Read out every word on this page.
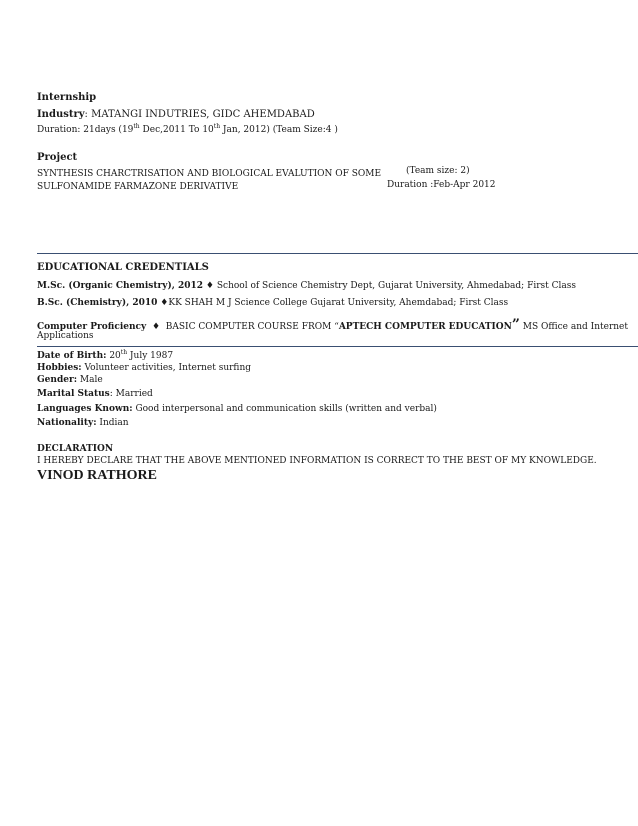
Internship
Industry: MATANGI INDUTRIES, GIDC AHEMDABAD
Duration: 21days (19th Dec,2011 To 10th Jan, 2012) (Team Size:4 )
Project
SYNTHESIS CHARCTRISATION AND BIOLOGICAL EVALUTION OF SOME
SULFONAMIDE FARMAZONE DERIVATIVE
(Team size: 2)
Duration :Feb-Apr 2012
EDUCATIONAL CREDENTIALS
M.Sc. (Organic Chemistry), 2012 ♦ School of Science Chemistry Dept, Gujarat University, Ahmedabad; First Class
B.Sc. (Chemistry), 2010 ♦KK SHAH M J Science College Gujarat University, Ahemdabad; First Class
Computer Proficiency ♦ BASIC COMPUTER COURSE FROM “APTECH COMPUTER EDUCATION” MS Office and Internet
Applications
Date of Birth: 20th July 1987
Hobbies: Volunteer activities, Internet surfing
Gender: Male
Marital Status: Married
Languages Known: Good interpersonal and communication skills (written and verbal)
Nationality: Indian
DECLARATION
I HEREBY DECLARE THAT THE ABOVE MENTIONED INFORMATION IS CORRECT TO THE BEST OF MY KNOWLEDGE.
VINOD RATHORE
